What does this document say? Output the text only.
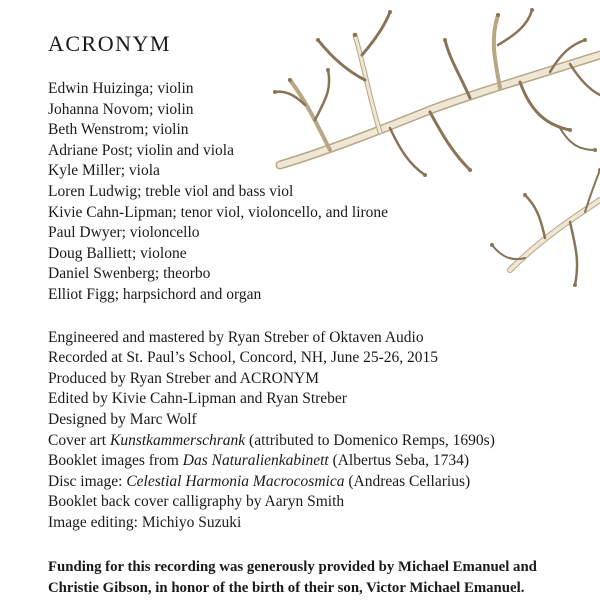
ACRONYM
Edwin Huizinga; violin
Johanna Novom; violin
Beth Wenstrom; violin
Adriane Post; violin and viola
Kyle Miller; viola
Loren Ludwig; treble viol and bass viol
Kivie Cahn-Lipman; tenor viol, violoncello, and lirone
Paul Dwyer; violoncello
Doug Balliett; violone
Daniel Swenberg; theorbo
Elliot Figg; harpsichord and organ
Engineered and mastered by Ryan Streber of Oktaven Audio
Recorded at St. Paul’s School, Concord, NH, June 25-26, 2015
Produced by Ryan Streber and ACRONYM
Edited by Kivie Cahn-Lipman and Ryan Streber
Designed by Marc Wolf
Cover art Kunstkammerschrank (attributed to Domenico Remps, 1690s)
Booklet images from Das Naturalienkabinett (Albertus Seba, 1734)
Disc image: Celestial Harmonia Macrocosmica (Andreas Cellarius)
Booklet back cover calligraphy by Aaryn Smith
Image editing: Michiyo Suzuki

Funding for this recording was generously provided by Michael Emanuel and Christie Gibson, in honor of the birth of their son, Victor Michael Emanuel.
